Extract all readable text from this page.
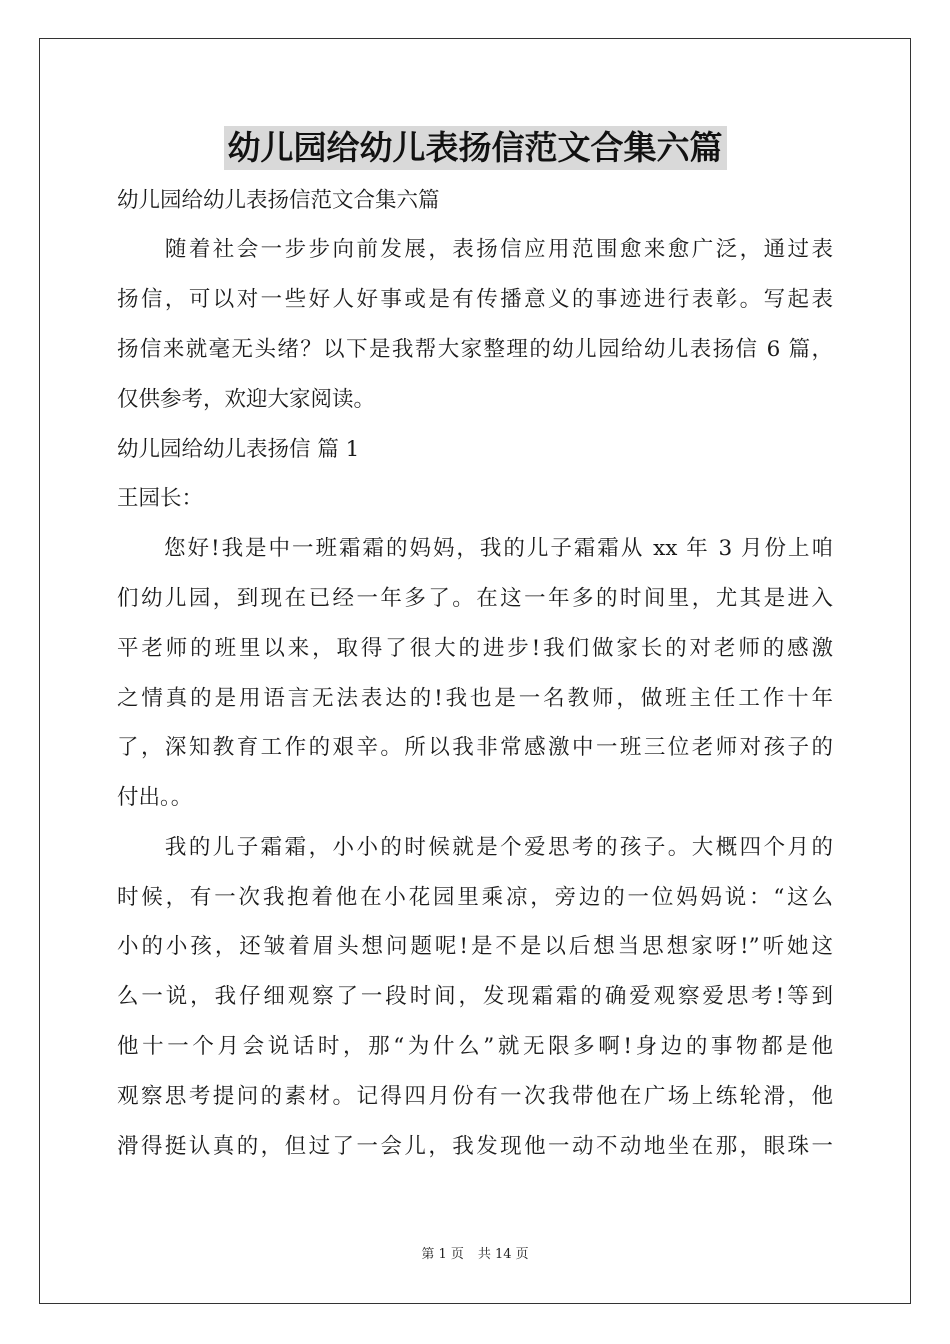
幼儿园给幼儿表扬信范文合集六篇
幼儿园给幼儿表扬信范文合集六篇
　　随着社会一步步向前发展，表扬信应用范围愈来愈广泛，通过表
扬信，可以对一些好人好事或是有传播意义的事迹进行表彰。写起表
扬信来就毫无头绪？以下是我帮大家整理的幼儿园给幼儿表扬信 6 篇，
仅供参考，欢迎大家阅读。
幼儿园给幼儿表扬信 篇 1
王园长：
　　您好!我是中一班霜霜的妈妈，我的儿子霜霜从 xx 年 3 月份上咱
们幼儿园，到现在已经一年多了。在这一年多的时间里，尤其是进入
平老师的班里以来，取得了很大的进步!我们做家长的对老师的感激
之情真的是用语言无法表达的!我也是一名教师，做班主任工作十年
了，深知教育工作的艰辛。所以我非常感激中一班三位老师对孩子的
付出。。
　　我的儿子霜霜，小小的时候就是个爱思考的孩子。大概四个月的
时候，有一次我抱着他在小花园里乘凉，旁边的一位妈妈说：“这么
小的小孩，还皱着眉头想问题呢!是不是以后想当思想家呀!”听她这
么一说，我仔细观察了一段时间，发现霜霜的确爱观察爱思考!等到
他十一个月会说话时，那“为什么”就无限多啊!身边的事物都是他
观察思考提问的素材。记得四月份有一次我带他在广场上练轮滑，他
滑得挺认真的，但过了一会儿，我发现他一动不动地坐在那，眼珠一
第 1 页 共 14 页
